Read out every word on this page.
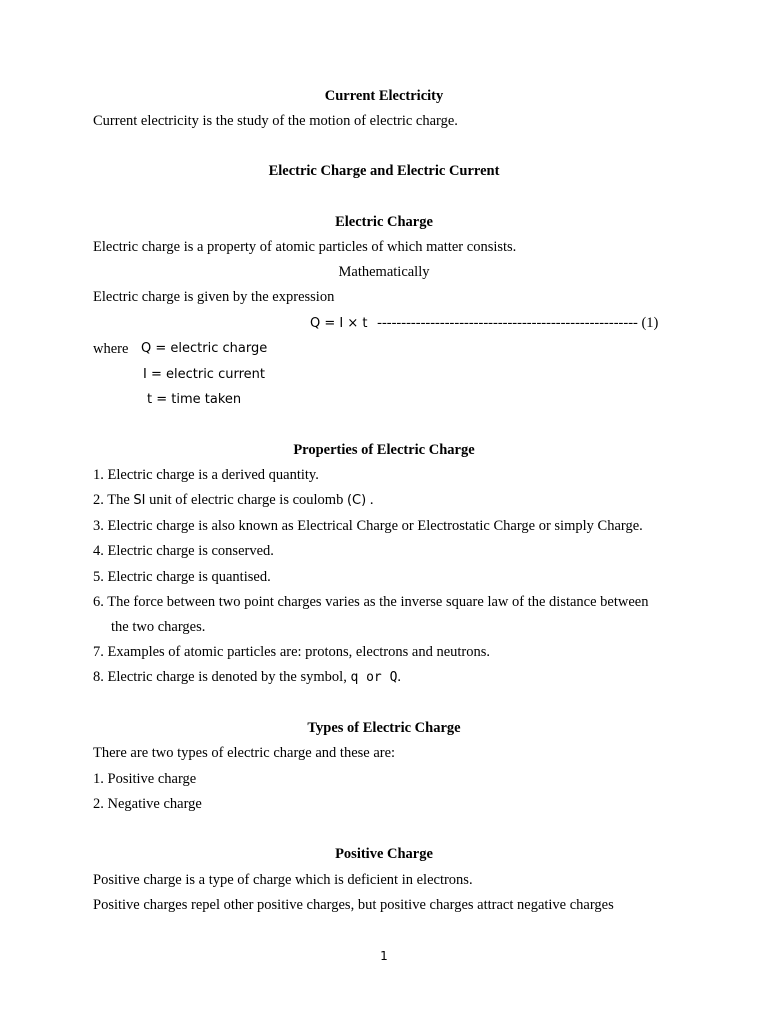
Current Electricity
Current electricity is the study of the motion of electric charge.
Electric Charge and Electric Current
Electric Charge
Electric charge is a property of atomic particles of which matter consists.
Mathematically
Electric charge is given by the expression
Q = I × t ------------------------------------------------------ (1)
where Q = electric charge
I = electric current
t = time taken
Properties of Electric Charge
1. Electric charge is a derived quantity.
2. The SI unit of electric charge is coulomb (C) .
3. Electric charge is also known as Electrical Charge or Electrostatic Charge or simply Charge.
4. Electric charge is conserved.
5. Electric charge is quantised.
6. The force between two point charges varies as the inverse square law of the distance between
the two charges.
7. Examples of atomic particles are: protons, electrons and neutrons.
8. Electric charge is denoted by the symbol, q or Q.
Types of Electric Charge
There are two types of electric charge and these are:
1. Positive charge
2. Negative charge
Positive Charge
Positive charge is a type of charge which is deficient in electrons.
Positive charges repel other positive charges, but positive charges attract negative charges
1
